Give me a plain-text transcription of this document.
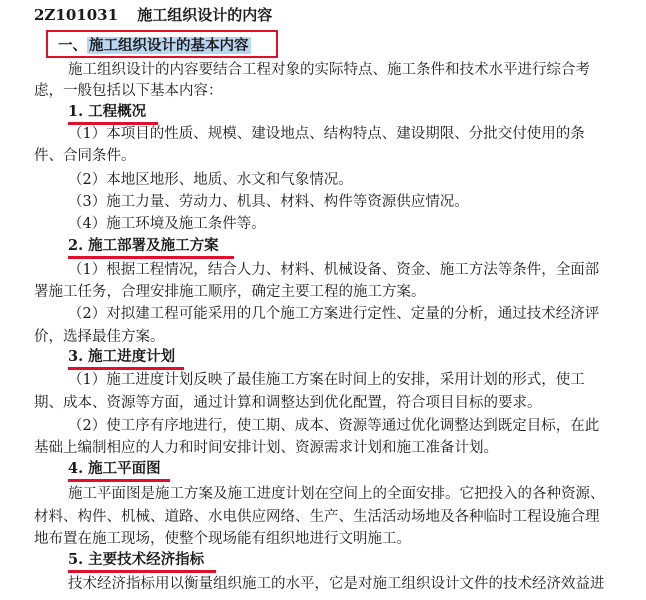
2Z101031 施工组织设计的内容
一、 施工组织设计的基本内容
施工组织设计的内容要结合工程对象的实际特点、施工条件和技术水平进行综合考
虑，一般包括以下基本内容：
1. 工程概况
（1）本项目的性质、规模、建设地点、结构特点、建设期限、分批交付使用的条
件、合同条件。
（2）本地区地形、地质、水文和气象情况。
（3）施工力量、劳动力、机具、材料、构件等资源供应情况。
（4）施工环境及施工条件等。
2. 施工部署及施工方案
（1）根据工程情况，结合人力、材料、机械设备、资金、施工方法等条件，全面部
署施工任务，合理安排施工顺序，确定主要工程的施工方案。
（2）对拟建工程可能采用的几个施工方案进行定性、定量的分析，通过技术经济评
价，选择最佳方案。
3. 施工进度计划
（1）施工进度计划反映了最佳施工方案在时间上的安排，采用计划的形式，使工
期、成本、资源等方面，通过计算和调整达到优化配置，符合项目目标的要求。
（2）使工序有序地进行，使工期、成本、资源等通过优化调整达到既定目标，在此
基础上编制相应的人力和时间安排计划、资源需求计划和施工准备计划。
4. 施工平面图
施工平面图是施工方案及施工进度计划在空间上的全面安排。它把投入的各种资源、
材料、构件、机械、道路、水电供应网络、生产、生活活动场地及各种临时工程设施合理
地布置在施工现场，使整个现场能有组织地进行文明施工。
5. 主要技术经济指标
技术经济指标用以衡量组织施工的水平，它是对施工组织设计文件的技术经济效益进
